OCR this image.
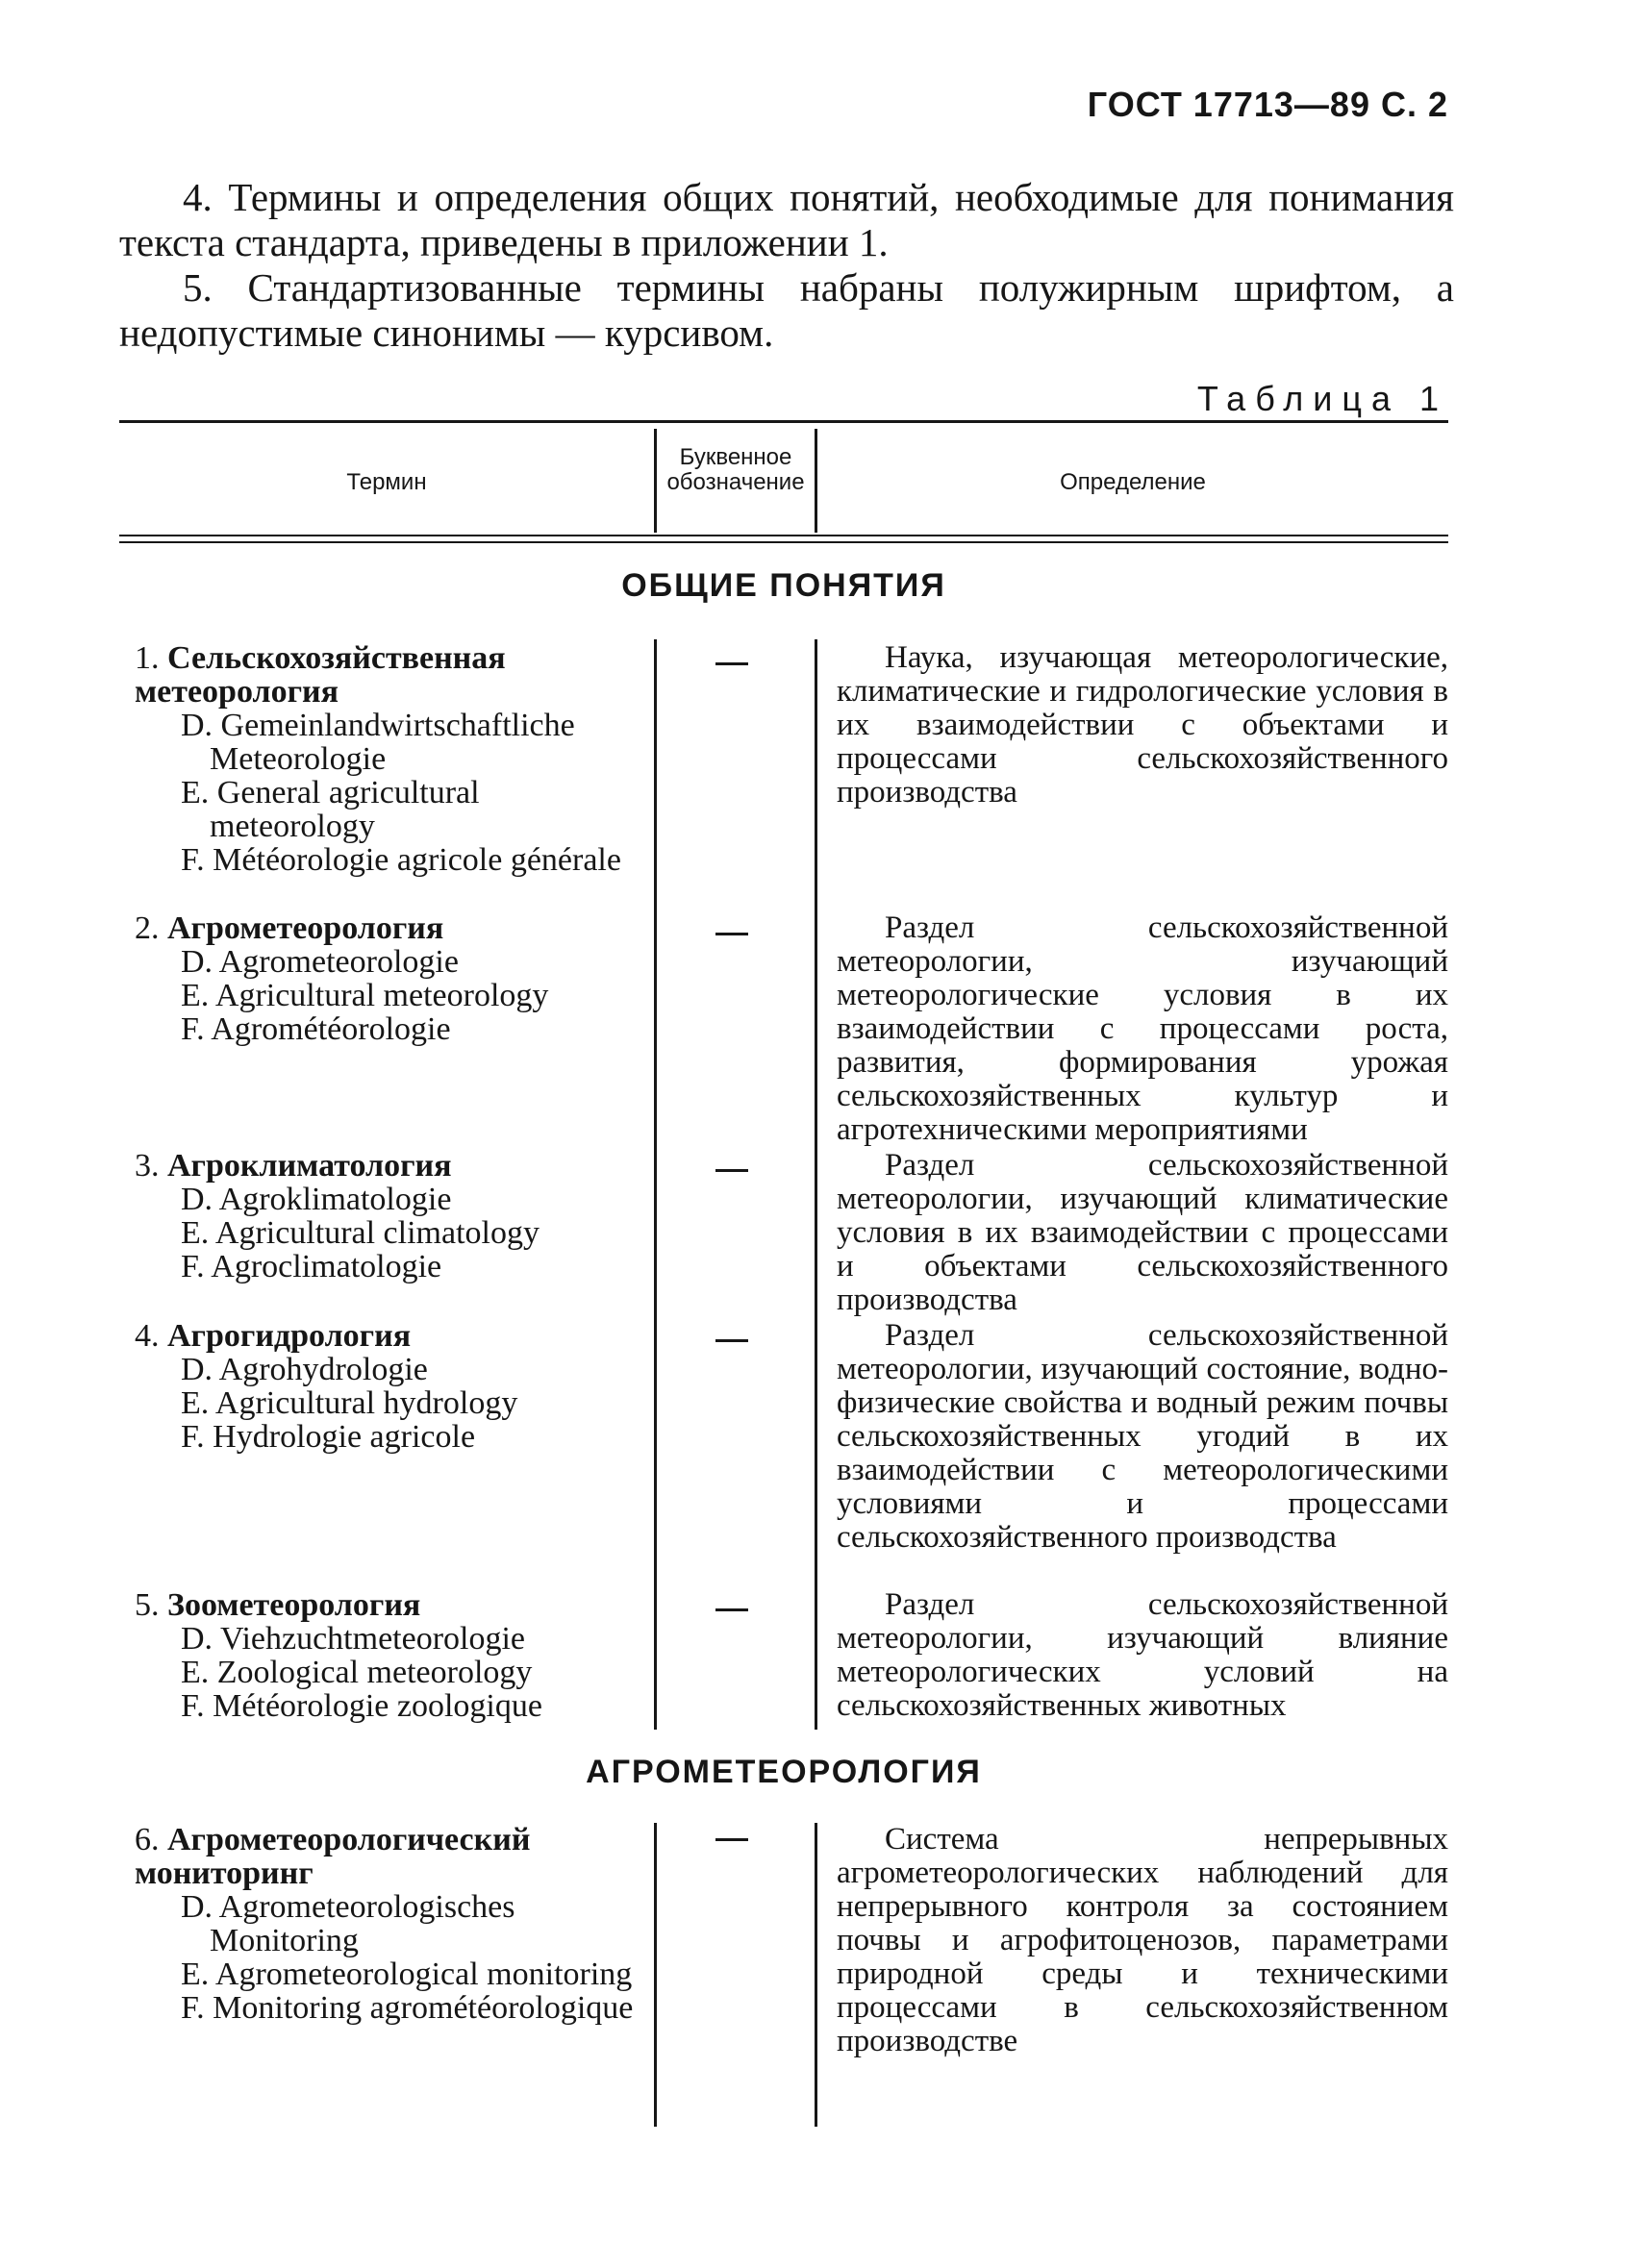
ГОСТ 17713—89 С. 2

4. Термины и определения общих понятий, необходимые для понимания текста стандарта, приведены в приложении 1.

5. Стандартизованные термины набраны полужирным шрифтом, а недопустимые синонимы — курсивом.

Таблица 1
Термин
Буквенное обозначение	Определение
ОБЩИЕ ПОНЯТИЯ
1. Сельскохозяйственная метеорология
D. Gemeinlandwirtschaftliche Meteorologie
E. General agricultural meteorology
F. Météorologie agricole générale
Наука, изучающая метеорологические, климатические и гидрологические условия в их взаимодействии с объектами и процессами сельскохозяйственного производства
2. Агрометеорология
D. Agrometeorologie
E. Agricultural meteorology
F. Agrométéorologie
Раздел сельскохозяйственной метеорологии, изучающий метеорологические условия в их взаимодействии с процессами роста, развития, формирования урожая сельскохозяйственных культур и агротехническими мероприятиями
3. Агроклиматология
D. Agroklimatologie
E. Agricultural climatology
F. Agroclimatologie
Раздел сельскохозяйственной метеорологии, изучающий климатические условия в их взаимодействии с процессами и объектами сельскохозяйственного производства
4. Агрогидрология
D. Agrohydrologie
E. Agricultural hydrology
F. Hydrologie agricole
Раздел сельскохозяйственной метеорологии, изучающий состояние, водно-физические свойства и водный режим почвы сельскохозяйственных угодий в их взаимодействии с метеорологическими условиями и процессами сельскохозяйственного производства
5. Зоометеорология
D. Viehzuchtmeteorologie
E. Zoological meteorology
F. Météorologie zoologique
Раздел сельскохозяйственной метеорологии, изучающий влияние метеорологических условий на сельскохозяйственных животных
АГРОМЕТЕОРОЛОГИЯ
6. Агрометеорологический мониторинг
D. Agrometeorologisches Monitoring
E. Agrometeorological monitoring
F. Monitoring agrométéorologique
Система непрерывных агрометеорологических наблюдений для непрерывного контроля за состоянием почвы и агрофитоценозов, параметрами природной среды и техническими процессами в сельскохозяйственном производстве
